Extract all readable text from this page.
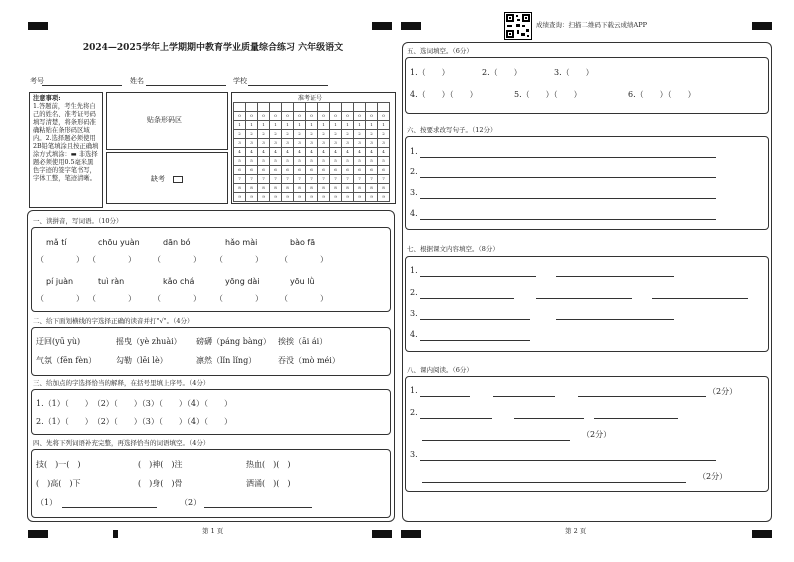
2024—2025学年上学期期中教育学业质量综合练习 六年级语文
考号	姓名	学校
注意事项:
1.答题前，考生先将自己的姓名、准考证号码填写清楚，将条形码准确粘贴在条形码区域内。2.选择题必须使用2B铅笔填涂且按正确填涂方式填涂：▬ 非选择题必须使用0.5毫米黑色字迹的签字笔书写，字体工整，笔迹清晰。
贴条形码区
缺考
准考证号

0	0	0	0	0	0	0	0	0	0	0	0	0
1	1	1	1	1	1	1	1	1	1	1	1	1
2	2	2	2	2	2	2	2	2	2	2	2	2
3	3	3	3	3	3	3	3	3	3	3	3	3
4	4	4	4	4	4	4	4	4	4	4	4	4
5	5	5	5	5	5	5	5	5	5	5	5	5
6	6	6	6	6	6	6	6	6	6	6	6	6
7	7	7	7	7	7	7	7	7	7	7	7	7
8	8	8	8	8	8	8	8	8	8	8	8	8
9	9	9	9	9	9	9	9	9	9	9	9	9
一、读拼音，写词语。（10分）
二、给下面划横线的字选择正确的读音并打"√"。（4分）
三、给加点的字选择恰当的解释，在括号里填上序号。（4分）
1.（1）（　　）　（2）（　　）（3）（　　）（4）（　　）
2.（1）（　　）　（2）（　　）（3）（　　）（4）（　　）
四、先将下列词语补充完整，再选择恰当的词语填空。（4分）
（1）	（2）
第 1 页
成绩查询：扫描二维码下载云成绩APP
五、选词填空。（6分）
六、按要求改写句子。（12分）
七、根据课文内容填空。（8分）
八、课内阅读。（6分）
第 2 页
mǎ tí
（　　　　）
chōu yuàn
（　　　　）
dān bó
（　　　　）
hǎo mài
（　　　　）
bào fā
（　　　　）
pí juàn
（　　　　）
tuì ràn
（　　　　）
kǎo chá
（　　　　）
yōng dài
（　　　　）
yōu lǜ
（　　　　）
迂回(yū yù)	摇曳（yè zhuài） 磅礴（páng bàng） 挨挨（āi ái）
气氛（fēn fèn） 勾勒（lēi lè）	凛然（lǐn lǐng）	吞没（mò méi）
技(　)一(　)	(　)神(　)注	热血(　)(　)
(　)高(　)下	(　)身(　)骨	洒涌(　)(　)
1.（　　）	2.（　　）	3.（　　）
4.（　　）（　　）	5.（　　）（　　）	6.（　　）（　　）
1.
2.
3.
4.
1.
2.
3.
4.
1.	（2分）
2.
（2分）
3.
（2分）
